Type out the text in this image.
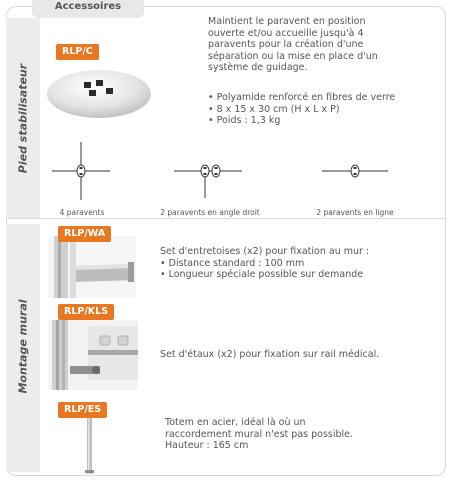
Accessoires
Pied stabilisateur
RLP/C
Maintient le paravent en position
ouverte et/ou accueille jusqu'à 4
paravents pour la création d'une
séparation ou la mise en place d'un
système de guidage.
• Polyamide renforcé en fibres de verre
• 8 x 15 x 30 cm (H x L x P)
• Poids : 1,3 kg
4 paravents	2 paravents en angle droit	2 paravents en ligne
Montage mural
RLP/WA
Set d'entretoises (x2) pour fixation au mur :
• Distance standard : 100 mm
• Longueur spéciale possible sur demande
RLP/KLS
Set d'étaux (x2) pour fixation sur rail médical.
RLP/ES
Totem en acier, idéal là où un
raccordement mural n'est pas possible.
Hauteur : 165 cm
